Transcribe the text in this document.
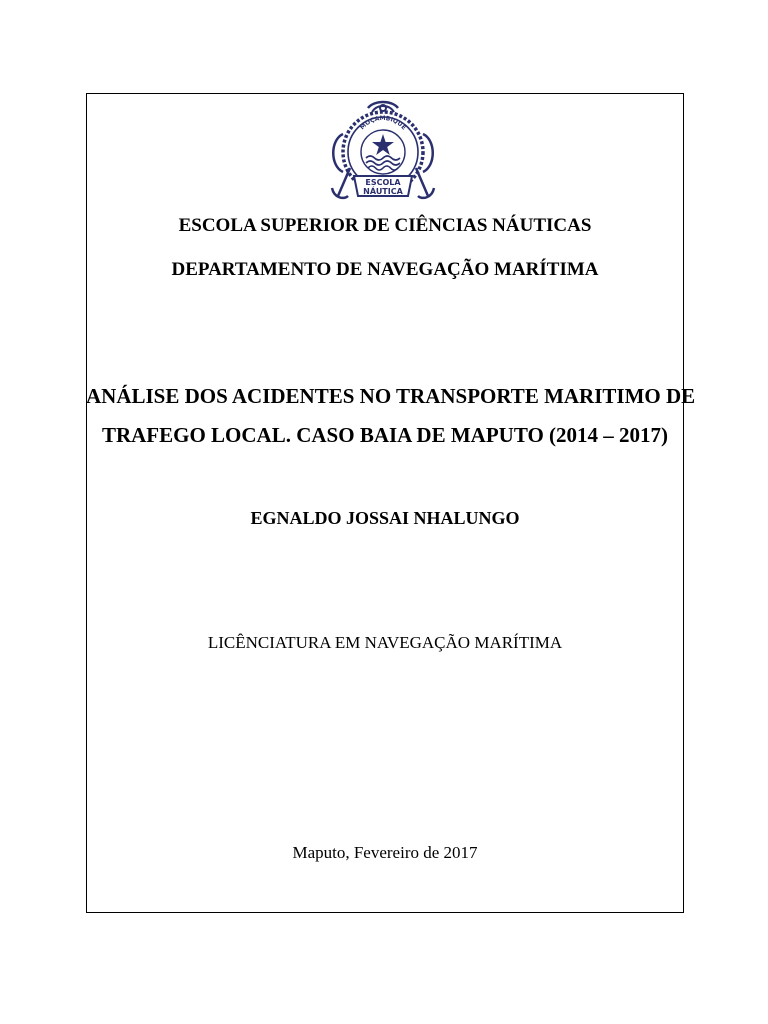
MOÇAMBIQUE
ESCOLA
NÁUTICA
ESCOLA SUPERIOR DE CIÊNCIAS NÁUTICAS
DEPARTAMENTO DE NAVEGAÇÃO MARÍTIMA
ANÁLISE DOS ACIDENTES NO TRANSPORTE MARITIMO DE
TRAFEGO LOCAL. CASO BAIA DE MAPUTO (2014 – 2017)
EGNALDO JOSSAI NHALUNGO
LICÊNCIATURA EM NAVEGAÇÃO MARÍTIMA
Maputo, Fevereiro de 2017
